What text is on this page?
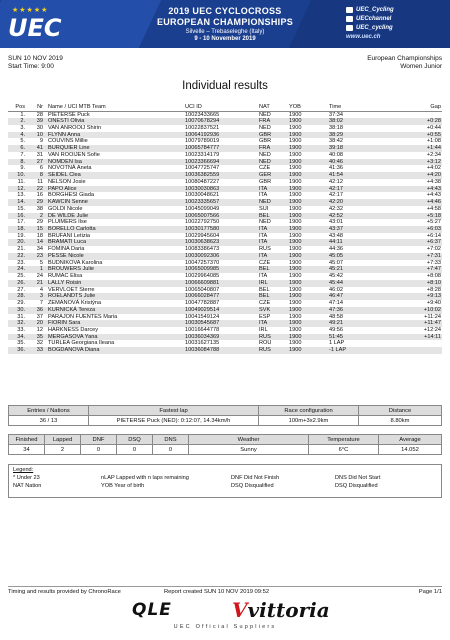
★★★★★
UEC
2019 UEC CYCLOCROSS
EUROPEAN CHAMPIONSHIPS
Silvelle – Trebaseleghe (Italy)
9 - 10 November 2019
UEC_Cycling
UECchannel
UEC_cycling
www.uec.ch
SUN 10 NOV 2019
Start Time: 9:00
European Championships
Women Junior
Individual results
Pos	Nr	Name / UCI MTB Team	UCI ID	NAT	YOB	Time	Gap
1.	28	PIETERSE Puck	10023433665	NED	1900	37:34	
2.	39	ONESTI Olivia	10070678294	FRA	1900	38:02	+0:28
3.	30	VAN ANROOIJ Shirin	10022837521	NED	1900	38:18	+0:44
4.	10	FLYNN Anna	10064192936	GBR	1900	38:29	+0:55
5.	9	COUVINS Millie	10079789019	GBR	1900	38:42	+1:08
6.	41	BURQUIER Line	10065784777	FRA	1900	39:18	+1:44
7.	31	VAN ROOIJEN Sofie	10023314179	NED	1900	40:08	+2:34
8.	27	NOMDEN Isa	10023366694	NED	1900	40:46	+3:12
9.	6	NOVOTNÁ Aneta	10047725747	CZE	1900	41:36	+4:02
10.	8	SEIDEL Clea	10036382559	GER	1900	41:54	+4:20
11.	11	NELSON Josie	10080487227	GBR	1900	42:12	+4:38
12.	22	PAPO Alice	10030030863	ITA	1900	42:17	+4:43
13.	16	BORGHESI Giada	10030048621	ITA	1900	42:17	+4:43
14.	29	KAWCIN Senne	10023335657	NED	1900	42:20	+4:46
15.	38	GOLDI Nicole	10045099049	SUI	1900	42:32	+4:58
16.	2	DE WILDE Julie	10065007566	BEL	1900	42:52	+5:18
17.	29	PLUIMERS Ilse	10022792750	NED	1900	43:01	+5:27
18.	15	BORELLO Carlotta	10030177580	ITA	1900	43:37	+6:03
19.	18	BRUFANI Letizia	10029945604	ITA	1900	43:48	+6:14
20.	14	BRAMATI Luca	10030638623	ITA	1900	44:11	+6:37
21.	34	FOMINA Daria	10083386473	RUS	1900	44:36	+7:02
22.	23	PESSE Nicole	10030092306	ITA	1900	45:05	+7:31
23.	5	BUDNIKOVA Karolina	10047257370	CZE	1900	45:07	+7:33
24.	1	BROUWERS Julie	10065009985	BEL	1900	45:21	+7:47
25.	24	RUMAC Elisa	10029964085	ITA	1900	45:42	+8:08
26.	21	LALLY Roisin	10066609881	IRL	1900	45:44	+8:10
27.	4	VERVLOET Sterre	10065040807	BEL	1900	46:02	+8:28
28.	3	ROELANDTS Julie	10066028477	BEL	1900	46:47	+9:13
29.	7	ZEMANOVÁ Kristýna	10047782887	CZE	1900	47:14	+9:40
30.	36	KURNICKÁ Tereza	10049029514	SVK	1900	47:36	+10:02
31.	37	PARAJON FUENTES Maria	10041549124	ESP	1900	48:58	+11:24
32.	20	FIORIN Sara	10030545687	ITA	1900	49:21	+11:47
33.	12	HARKNESS Darcey	10016644778	IRL	1900	49:56	+12:24
34.	35	MERGASOVA Yana	10036034369	RUS	1900	51:45	+14:11
35.	32	TURLEA Georgiana Ileana	10031627135	ROU	1900	1 LAP	
36.	33	BOGDANOVA Diana	10036084788	RUS	1900	-1 LAP	
Entries / Nations	Fastest lap	Race configuration	Distance
36 / 13	PIETERSE Puck (NED): 0:12:07, 14.34km/h	100m+3x2.9km	8.80km
Finished	Lapped	DNF	DSQ	DNS	Weather	Temperature	Average
34	2	0	0	0	Sunny	6°C	14.052
Legend:
* Under 23	nLAP Lapped with n laps remaining	DNF Did Not Finish	DNS Did Not Start
NAT Nation	YOB Year of birth	DSQ Disqualified	DSQ Disqualified
Timing and results provided by ChronoRace	Report created SUN 10 NOV 2019 09:52	Page 1/1
QLE	Vvittoria
UEC Official Suppliers
